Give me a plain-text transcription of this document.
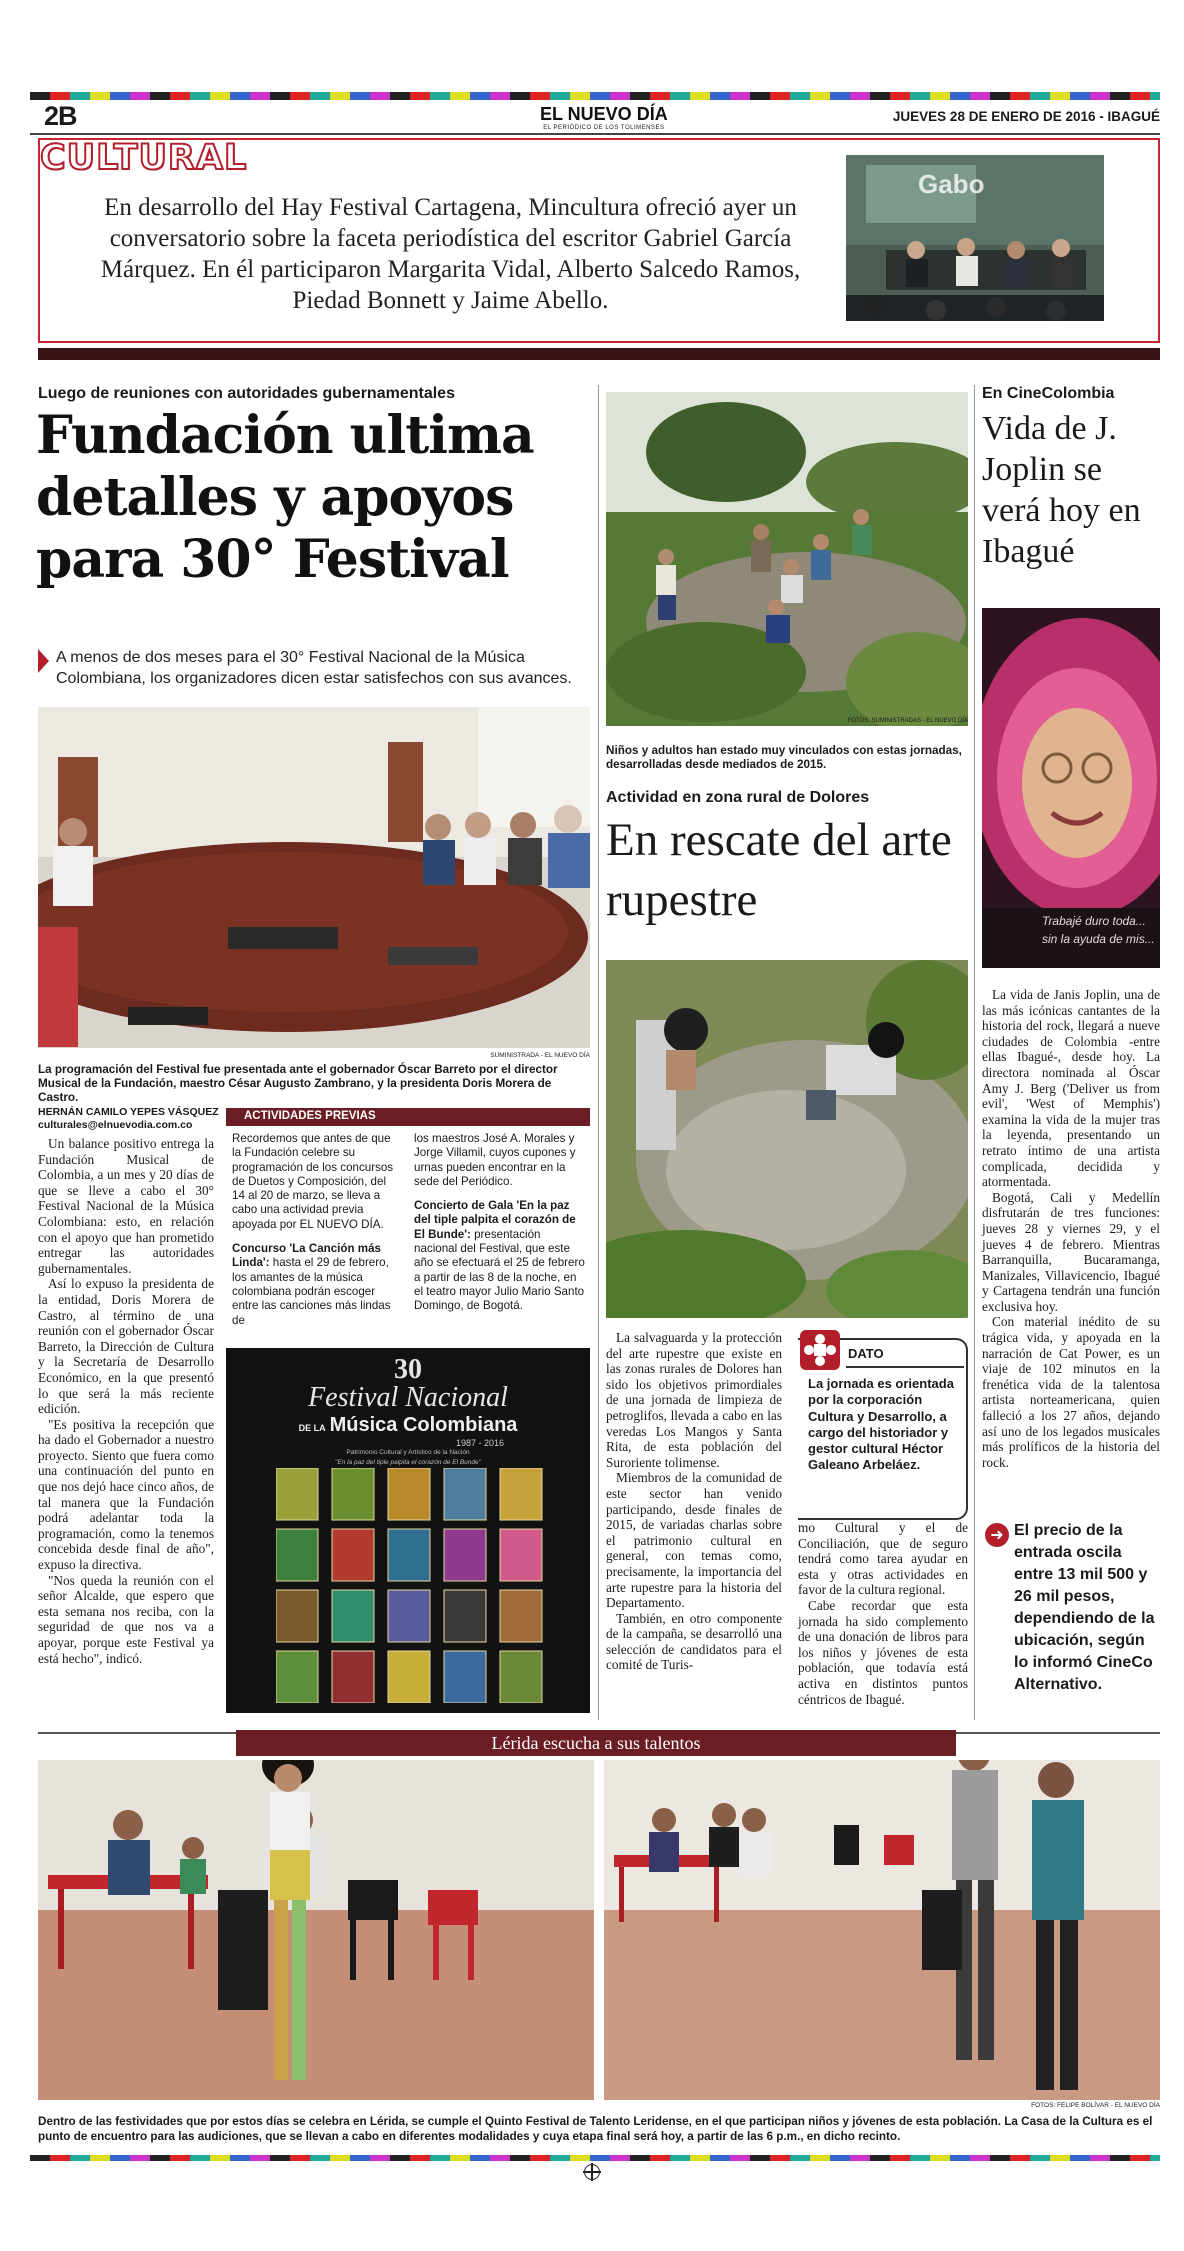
2B	EL NUEVO DÍA
EL PERIÓDICO DE LOS TOLIMENSES
JUEVES 28 DE ENERO DE 2016 - IBAGUÉ
CULTURAL
En desarrollo del Hay Festival Cartagena, Mincultura ofreció ayer un conversatorio sobre la faceta periodística del escritor Gabriel García Márquez. En él participaron Margarita Vidal, Alberto Salcedo Ramos, Piedad Bonnett y Jaime Abello.
Gabo
Luego de reuniones con autoridades gubernamentales
Fundación ultima detalles y apoyos para 30° Festival
A menos de dos meses para el 30° Festival Nacional de la Música Colombiana, los organizadores dicen estar satisfechos con sus avances.
SUMINISTRADA - EL NUEVO DÍA
La programación del Festival fue presentada ante el gobernador Óscar Barreto por el director Musical de la Fundación, maestro César Augusto Zambrano, y la presidenta Doris Morera de Castro.
HERNÁN CAMILO YEPES VÁSQUEZ
culturales@elnuevodia.com.co

Un balance positivo entrega la Fundación Musical de Colombia, a un mes y 20 días de que se lleve a cabo el 30° Festival Nacional de la Música Colombiana: esto, en relación con el apoyo que han prometido entregar las autoridades gubernamentales.

Así lo expuso la presidenta de la entidad, Doris Morera de Castro, al término de una reunión con el gobernador Óscar Barreto, la Dirección de Cultura y la Secretaría de Desarrollo Económico, en la que presentó lo que será la más reciente edición.

"Es positiva la recepción que ha dado el Gobernador a nuestro proyecto. Siento que fuera como una continuación del punto en que nos dejó hace cinco años, de tal manera que la Fundación podrá adelantar toda la programación, como la tenemos concebida desde final de año", expuso la directiva.

"Nos queda la reunión con el señor Alcalde, que espero que esta semana nos reciba, con la seguridad de que nos va a apoyar, porque este Festival ya está hecho", indicó.

ACTIVIDADES PREVIAS

Recordemos que antes de que la Fundación celebre su programación de los concursos de Duetos y Composición, del 14 al 20 de marzo, se lleva a cabo una actividad previa apoyada por EL NUEVO DÍA.

Concurso 'La Canción más Linda': hasta el 29 de febrero, los amantes de la música colombiana podrán escoger entre las canciones más lindas de

los maestros José A. Morales y Jorge Villamil, cuyos cupones y urnas pueden encontrar en la sede del Periódico.

Concierto de Gala 'En la paz del tiple palpita el corazón de El Bunde': presentación nacional del Festival, que este año se efectuará el 25 de febrero a partir de las 8 de la noche, en el teatro mayor Julio Mario Santo Domingo, de Bogotá.

30
Festival Nacional
DE LA Música Colombiana
1987 - 2016
Patrimonio Cultural y Artístico de la Nación
"En la paz del tiple palpita el corazón de El Bunde"
FOTOS: SUMINISTRADAS - EL NUEVO DÍA
Niños y adultos han estado muy vinculados con estas jornadas, desarrolladas desde mediados de 2015.
Actividad en zona rural de Dolores
En rescate del arte rupestre

La salvaguarda y la protección del arte rupestre que existe en las zonas rurales de Dolores han sido los objetivos primordiales de una jornada de limpieza de petroglifos, llevada a cabo en las veredas Los Mangos y Santa Rita, de esta población del Suroriente tolimense.

Miembros de la comunidad de este sector han venido participando, desde finales de 2015, de variadas charlas sobre el patrimonio cultural en general, con temas como, precisamente, la importancia del arte rupestre para la historia del Departamento.

También, en otro componente de la campaña, se desarrolló una selección de candidatos para el comité de Turis-

DATO
La jornada es orientada por la corporación Cultura y Desarrollo, a cargo del historiador y gestor cultural Héctor Galeano Arbeláez.

mo Cultural y el de Conciliación, que de seguro tendrá como tarea ayudar en esta y otras actividades en favor de la cultura regional.

Cabe recordar que esta jornada ha sido complemento de una donación de libros para los niños y jóvenes de esta población, que todavía está activa en distintos puntos céntricos de Ibagué.

En CineColombia
Vida de J. Joplin se verá hoy en Ibagué
Trabajé duro toda... sin la ayuda de mis...

La vida de Janis Joplin, una de las más icónicas cantantes de la historia del rock, llegará a nueve ciudades de Colombia -entre ellas Ibagué-, desde hoy. La directora nominada al Óscar Amy J. Berg ('Deliver us from evil', 'West of Memphis') examina la vida de la mujer tras la leyenda, presentando un retrato íntimo de una artista complicada, decidida y atormentada.

Bogotá, Cali y Medellín disfrutarán de tres funciones: jueves 28 y viernes 29, y el jueves 4 de febrero. Mientras Barranquilla, Bucaramanga, Manizales, Villavicencio, Ibagué y Cartagena tendrán una función exclusiva hoy.

Con material inédito de su trágica vida, y apoyada en la narración de Cat Power, es un viaje de 102 minutos en la frenética vida de la talentosa artista norteamericana, quien falleció a los 27 años, dejando así uno de los legados musicales más prolíficos de la historia del rock.

➜ El precio de la entrada oscila entre 13 mil 500 y 26 mil pesos, dependiendo de la ubicación, según lo informó CineCo Alternativo.
Lérida escucha a sus talentos
FOTOS: FELIPE BOLÍVAR - EL NUEVO DÍA
Dentro de las festividades que por estos días se celebra en Lérida, se cumple el Quinto Festival de Talento Leridense, en el que participan niños y jóvenes de esta población. La Casa de la Cultura es el punto de encuentro para las audiciones, que se llevan a cabo en diferentes modalidades y cuya etapa final será hoy, a partir de las 6 p.m., en dicho recinto.
